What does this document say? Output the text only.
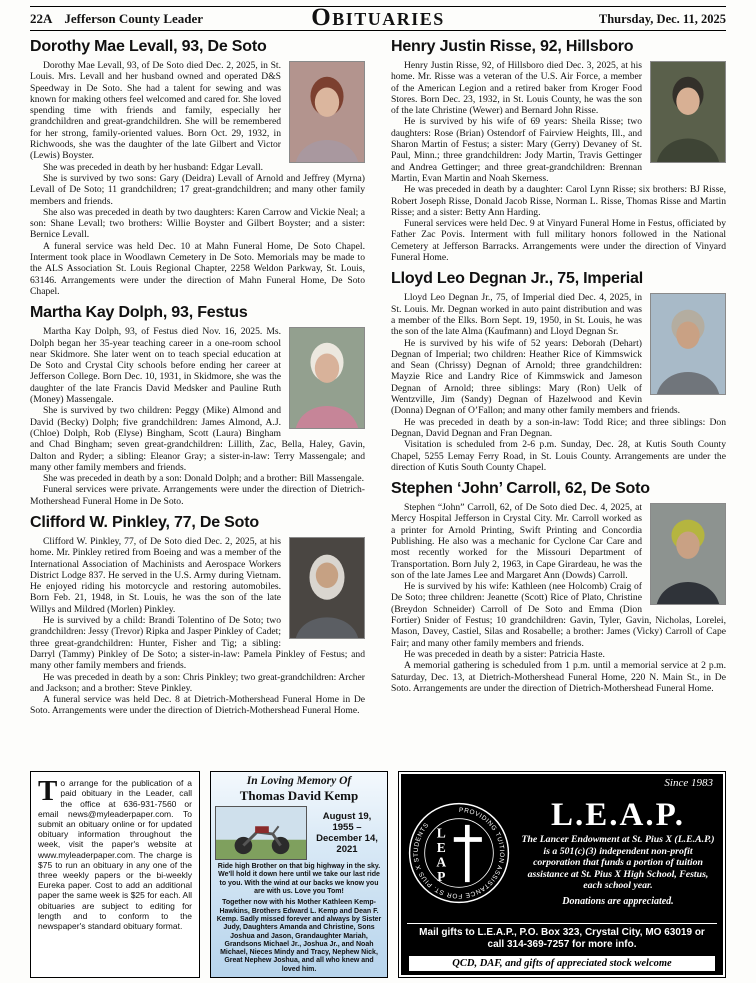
22A Jefferson County Leader	Obituaries	Thursday, Dec. 11, 2025
Dorothy Mae Levall, 93, De Soto

Dorothy Mae Levall, 93, of De Soto died Dec. 2, 2025, in St. Louis. Mrs. Levall and her husband owned and operated D&S Speedway in De Soto. She had a talent for sewing and was known for making others feel welcomed and cared for. She loved spending time with friends and family, especially her grandchildren and great-grandchildren. She will be remembered for her strong, family-oriented values. Born Oct. 29, 1932, in Richwoods, she was the daughter of the late Gilbert and Victor (Lewis) Boyster.

She was preceded in death by her husband: Edgar Levall.

She is survived by two sons: Gary (Deidra) Levall of Arnold and Jeffrey (Myrna) Levall of De Soto; 11 grandchildren; 17 great-grandchildren; and many other family members and friends.

She also was preceded in death by two daughters: Karen Carrow and Vickie Neal; a son: Shane Levall; two brothers: Willie Boyster and Gilbert Boyster; and a sister: Bernice Levall.

A funeral service was held Dec. 10 at Mahn Funeral Home, De Soto Chapel. Interment took place in Woodlawn Cemetery in De Soto. Memorials may be made to the ALS Association St. Louis Regional Chapter, 2258 Weldon Parkway, St. Louis, 63146. Arrangements were under the direction of Mahn Funeral Home, De Soto Chapel.

Martha Kay Dolph, 93, Festus

Martha Kay Dolph, 93, of Festus died Nov. 16, 2025. Ms. Dolph began her 35-year teaching career in a one-room school near Skidmore. She later went on to teach special education at De Soto and Crystal City schools before ending her career at Jefferson College. Born Dec. 10, 1931, in Skidmore, she was the daughter of the late Francis David Medsker and Pauline Ruth (Money) Massengale.

She is survived by two children: Peggy (Mike) Almond and David (Becky) Dolph; five grandchildren: James Almond, A.J. (Chloe) Dolph, Rob (Elyse) Bingham, Scott (Laura) Bingham and Chad Bingham; seven great-grandchildren: Lillith, Zac, Bella, Haley, Gavin, Dalton and Ryder; a sibling: Eleanor Gray; a sister-in-law: Terry Massengale; and many other family members and friends.

She was preceded in death by a son: Donald Dolph; and a brother: Bill Massengale.

Funeral services were private. Arrangements were under the direction of Dietrich-Mothershead Funeral Home in De Soto.

Clifford W. Pinkley, 77, De Soto

Clifford W. Pinkley, 77, of De Soto died Dec. 2, 2025, at his home. Mr. Pinkley retired from Boeing and was a member of the International Association of Machinists and Aerospace Workers District Lodge 837. He served in the U.S. Army during Vietnam. He enjoyed riding his motorcycle and restoring automobiles. Born Feb. 21, 1948, in St. Louis, he was the son of the late Willys and Mildred (Morlen) Pinkley.

He is survived by a child: Brandi Tolentino of De Soto; two grandchildren: Jessy (Trevor) Ripka and Jasper Pinkley of Cadet; three great-grandchildren: Hunter, Fisher and Tig; a sibling: Darryl (Tammy) Pinkley of De Soto; a sister-in-law: Pamela Pinkley of Festus; and many other family members and friends.

He was preceded in death by a son: Chris Pinkley; two great-grandchildren: Archer and Jackson; and a brother: Steve Pinkley.

A funeral service was held Dec. 8 at Dietrich-Mothershead Funeral Home in De Soto. Arrangements were under the direction of Dietrich-Mothershead Funeral Home.

Henry Justin Risse, 92, Hillsboro

Henry Justin Risse, 92, of Hillsboro died Dec. 3, 2025, at his home. Mr. Risse was a veteran of the U.S. Air Force, a member of the American Legion and a retired baker from Kroger Food Stores. Born Dec. 23, 1932, in St. Louis County, he was the son of the late Christine (Wewer) and Bernard John Risse.

He is survived by his wife of 69 years: Sheila Risse; two daughters: Rose (Brian) Ostendorf of Fairview Heights, Ill., and Sharon Martin of Festus; a sister: Mary (Gerry) Devaney of St. Paul, Minn.; three grandchildren: Jody Martin, Travis Gettinger and Andrea Gettinger; and three great-grandchildren: Brennan Martin, Evan Martin and Noah Skerness.

He was preceded in death by a daughter: Carol Lynn Risse; six brothers: BJ Risse, Robert Joseph Risse, Donald Jacob Risse, Norman L. Risse, Thomas Risse and Martin Risse; and a sister: Betty Ann Harding.

Funeral services were held Dec. 9 at Vinyard Funeral Home in Festus, officiated by Father Zac Povis. Interment with full military honors followed in the National Cemetery at Jefferson Barracks. Arrangements were under the direction of Vinyard Funeral Home.

Lloyd Leo Degnan Jr., 75, Imperial

Lloyd Leo Degnan Jr., 75, of Imperial died Dec. 4, 2025, in St. Louis. Mr. Degnan worked in auto paint distribution and was a member of the Elks. Born Sept. 19, 1950, in St. Louis, he was the son of the late Alma (Kaufmann) and Lloyd Degnan Sr.

He is survived by his wife of 52 years: Deborah (Dehart) Degnan of Imperial; two children: Heather Rice of Kimmswick and Sean (Chrissy) Degnan of Arnold; three grandchildren: Mayzie Rice and Landry Rice of Kimmswick and Jameson Degnan of Arnold; three siblings: Mary (Ron) Uelk of Wentzville, Jim (Sandy) Degnan of Hazelwood and Kevin (Donna) Degnan of O’Fallon; and many other family members and friends.

He was preceded in death by a son-in-law: Todd Rice; and three siblings: Don Degnan, David Degnan and Fran Degnan.

Visitation is scheduled from 2-6 p.m. Sunday, Dec. 28, at Kutis South County Chapel, 5255 Lemay Ferry Road, in St. Louis County. Arrangements are under the direction of Kutis South County Chapel.

Stephen ‘John’ Carroll, 62, De Soto

Stephen “John” Carroll, 62, of De Soto died Dec. 4, 2025, at Mercy Hospital Jefferson in Crystal City. Mr. Carroll worked as a printer for Arnold Printing, Swift Printing and Concordia Publishing. He also was a mechanic for Cyclone Car Care and most recently worked for the Missouri Department of Transportation. Born July 2, 1963, in Cape Girardeau, he was the son of the late James Lee and Margaret Ann (Dowds) Carroll.

He is survived by his wife: Kathleen (nee Holcomb) Craig of De Soto; three children: Jeanette (Scott) Rice of Plato, Christine (Breydon Schneider) Carroll of De Soto and Emma (Dion Fortier) Snider of Festus; 10 grandchildren: Gavin, Tyler, Gavin, Nicholas, Lorelei, Mason, Davey, Castiel, Silas and Rosabelle; a brother: James (Vicky) Carroll of Cape Fair; and many other family members and friends.

He was preceded in death by a sister: Patricia Haste.

A memorial gathering is scheduled from 1 p.m. until a memorial service at 2 p.m. Saturday, Dec. 13, at Dietrich-Mothershead Funeral Home, 220 N. Main St., in De Soto. Arrangements are under the direction of Dietrich-Mothershead Funeral Home.

To arrange for the publication of a paid obituary in the Leader, call the office at 636-931-7560 or email news@myleaderpaper.com. To submit an obituary online or for updated obituary information throughout the week, visit the paper's website at www.myleaderpaper.com. The charge is $75 to run an obituary in any one of the three weekly papers or the bi-weekly Eureka paper. Cost to add an additional paper the same week is $25 for each. All obituaries are subject to editing for length and to conform to the newspaper's standard obituary format.

In Loving Memory Of
Thomas David Kemp
August 19, 1955 – December 14, 2021
Ride high Brother on that big highway in the sky. We'll hold it down here until we take our last ride to you. With the wind at our backs we know you are with us. Love you Tom!
Together now with his Mother Kathleen Kemp-Hawkins, Brothers Edward L. Kemp and Dean F. Kemp. Sadly missed forever and always by Sister Judy, Daughters Amanda and Christine, Sons Joshua and Jason, Grandaughter Mariah, Grandsons Michael Jr., Joshua Jr., and Noah Michael, Nieces Mindy and Tracy, Nephew Nick, Great Nephew Joshua, and all who knew and loved him.
Since 1983
PROVIDING TUITION ASSISTANCE FOR ST. PIUS X STUDENTS L
E
A
P
L.E.A.P.
The Lancer Endowment at St. Pius X (L.E.A.P.) is a 501(c)(3) independent non-profit corporation that funds a portion of tuition assistance at St. Pius X High School, Festus, each school year.
Donations are appreciated.
Mail gifts to L.E.A.P., P.O. Box 323, Crystal City, MO 63019 or call 314-369-7257 for more info.
QCD, DAF, and gifts of appreciated stock welcome
